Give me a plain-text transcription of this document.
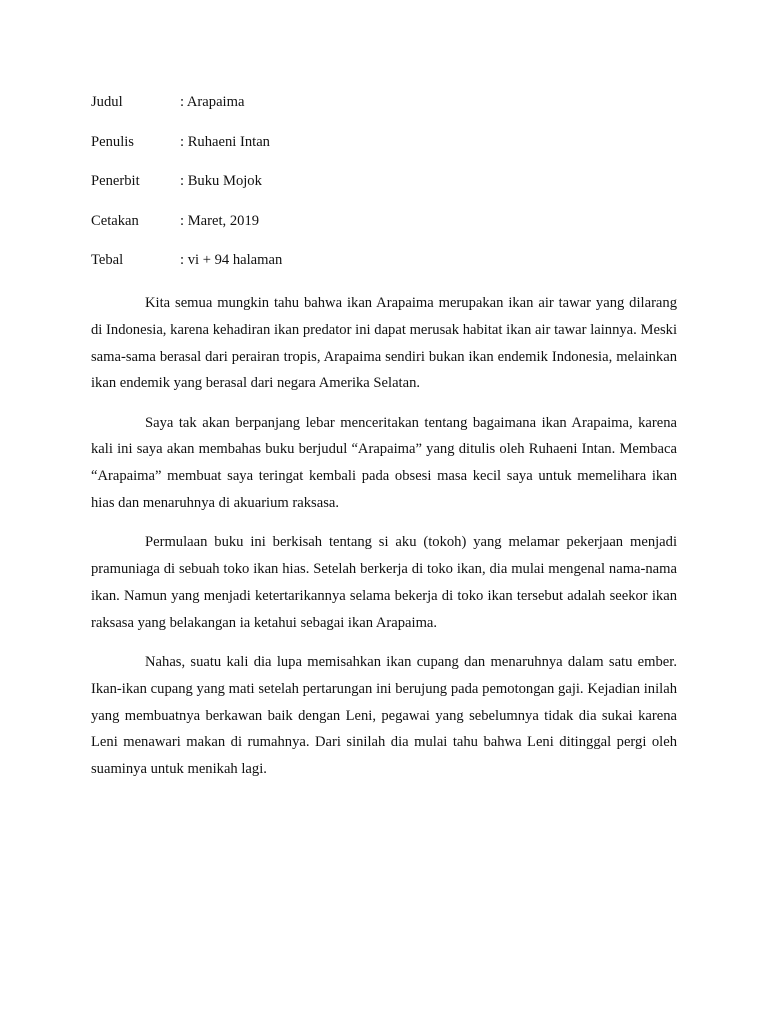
Judul	: Arapaima
Penulis	: Ruhaeni Intan
Penerbit	: Buku Mojok
Cetakan	: Maret, 2019
Tebal	: vi + 94 halaman

Kita semua mungkin tahu bahwa ikan Arapaima merupakan ikan air tawar yang dilarang di Indonesia, karena kehadiran ikan predator ini dapat merusak habitat ikan air tawar lainnya. Meski sama-sama berasal dari perairan tropis, Arapaima sendiri bukan ikan endemik Indonesia, melainkan ikan endemik yang berasal dari negara Amerika Selatan.

Saya tak akan berpanjang lebar menceritakan tentang bagaimana ikan Arapaima, karena kali ini saya akan membahas buku berjudul “Arapaima” yang ditulis oleh Ruhaeni Intan. Membaca “Arapaima” membuat saya teringat kembali pada obsesi masa kecil saya untuk memelihara ikan hias dan menaruhnya di akuarium raksasa.

Permulaan buku ini berkisah tentang si aku (tokoh) yang melamar pekerjaan menjadi pramuniaga di sebuah toko ikan hias. Setelah berkerja di toko ikan, dia mulai mengenal nama-nama ikan. Namun yang menjadi ketertarikannya selama bekerja di toko ikan tersebut adalah seekor ikan raksasa yang belakangan ia ketahui sebagai ikan Arapaima.

Nahas, suatu kali dia lupa memisahkan ikan cupang dan menaruhnya dalam satu ember. Ikan-ikan cupang yang mati setelah pertarungan ini berujung pada pemotongan gaji. Kejadian inilah yang membuatnya berkawan baik dengan Leni, pegawai yang sebelumnya tidak dia sukai karena Leni menawari makan di rumahnya. Dari sinilah dia mulai tahu bahwa Leni ditinggal pergi oleh suaminya untuk menikah lagi.
